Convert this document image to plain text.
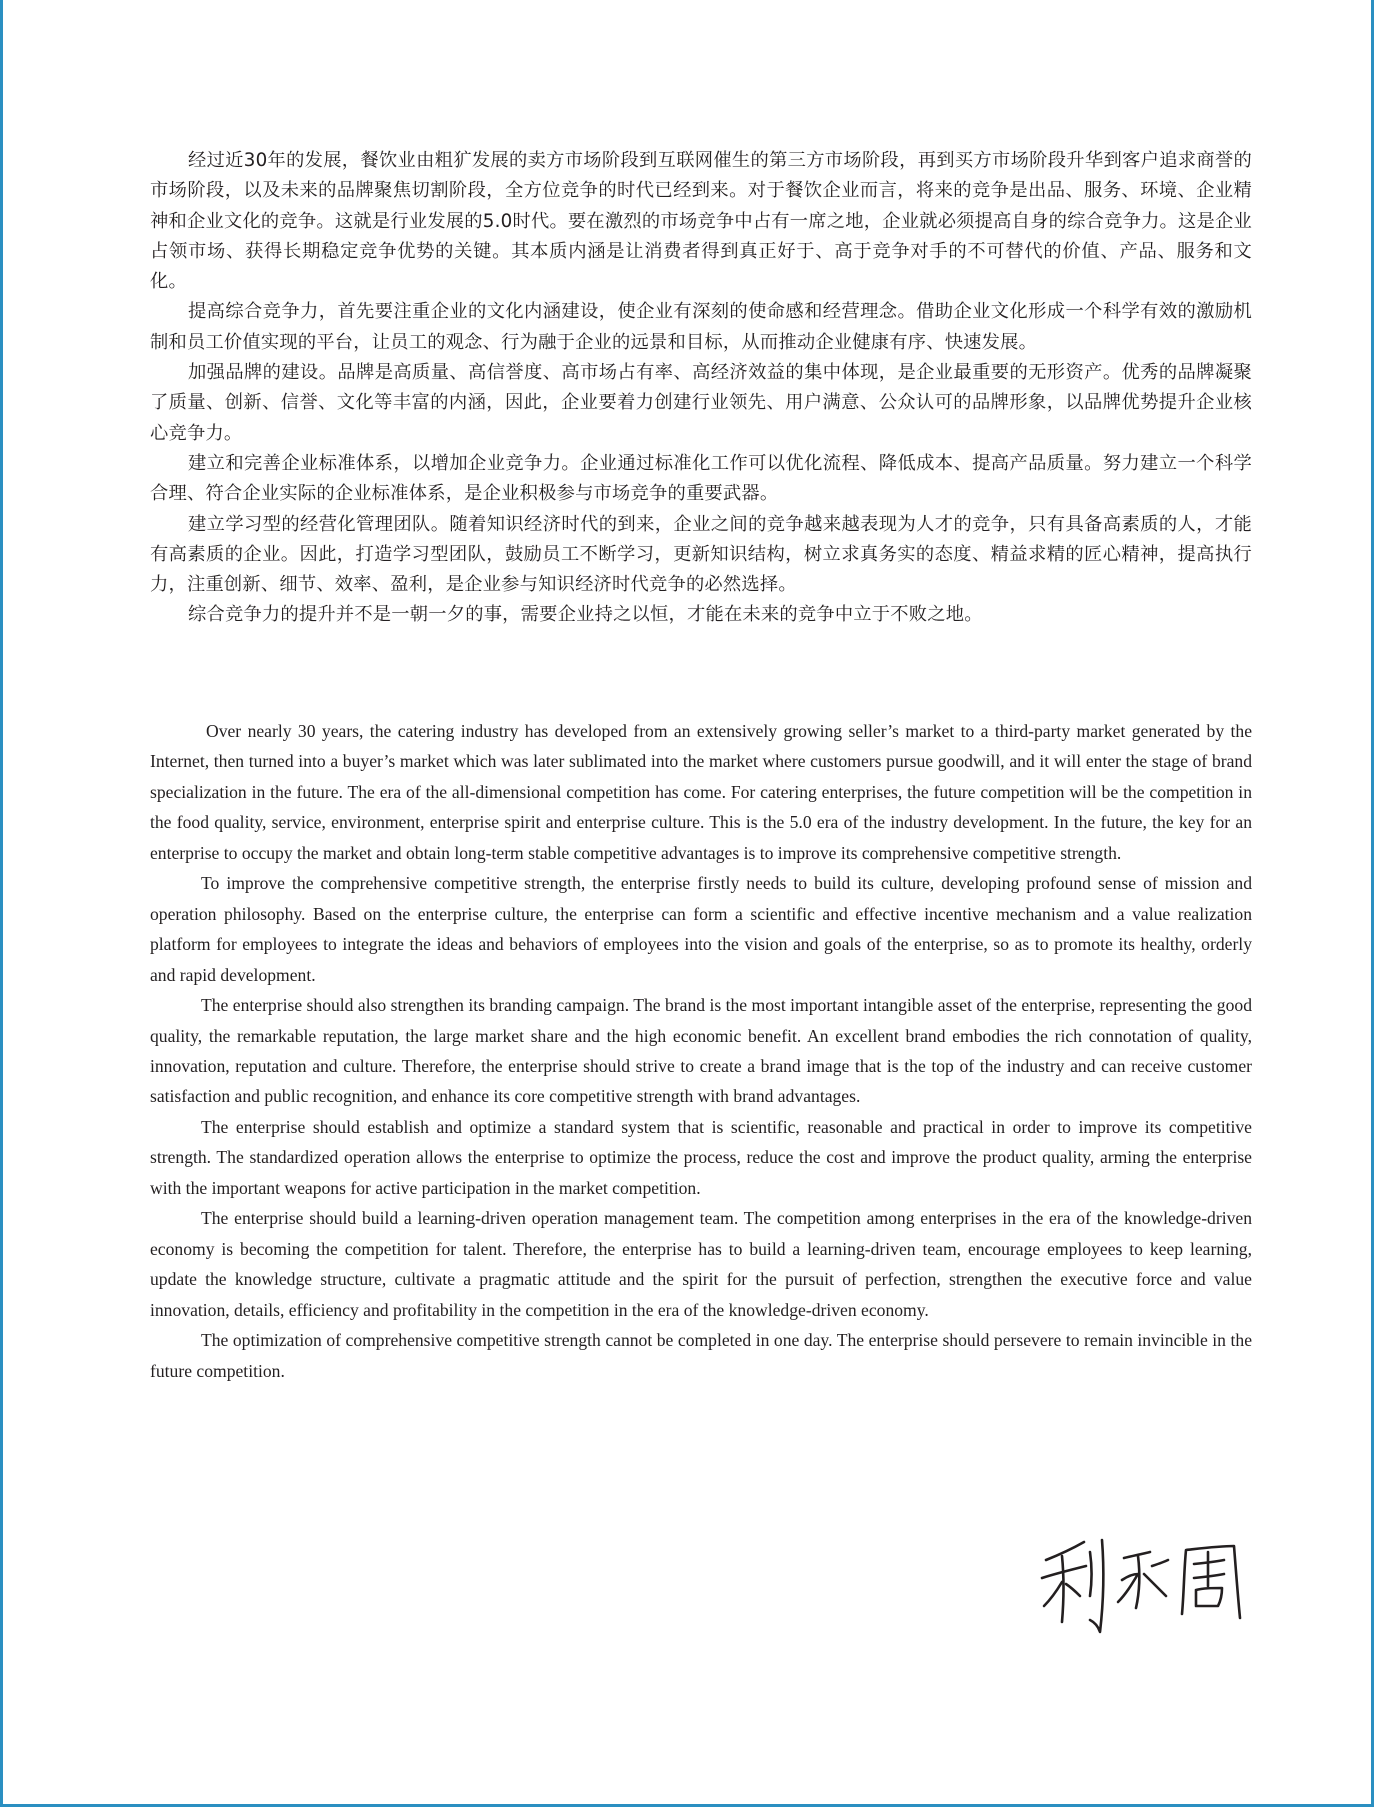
经过近30年的发展，餐饮业由粗犷发展的卖方市场阶段到互联网催生的第三方市场阶段，再到买方市场阶段升华到客户追求商誉的市场阶段，以及未来的品牌聚焦切割阶段，全方位竞争的时代已经到来。对于餐饮企业而言，将来的竞争是出品、服务、环境、企业精神和企业文化的竞争。这就是行业发展的5.0时代。要在激烈的市场竞争中占有一席之地，企业就必须提高自身的综合竞争力。这是企业占领市场、获得长期稳定竞争优势的关键。其本质内涵是让消费者得到真正好于、高于竞争对手的不可替代的价值、产品、服务和文化。

提高综合竞争力，首先要注重企业的文化内涵建设，使企业有深刻的使命感和经营理念。借助企业文化形成一个科学有效的激励机制和员工价值实现的平台，让员工的观念、行为融于企业的远景和目标，从而推动企业健康有序、快速发展。

加强品牌的建设。品牌是高质量、高信誉度、高市场占有率、高经济效益的集中体现，是企业最重要的无形资产。优秀的品牌凝聚了质量、创新、信誉、文化等丰富的内涵，因此，企业要着力创建行业领先、用户满意、公众认可的品牌形象，以品牌优势提升企业核心竞争力。

建立和完善企业标准体系，以增加企业竞争力。企业通过标准化工作可以优化流程、降低成本、提高产品质量。努力建立一个科学合理、符合企业实际的企业标准体系，是企业积极参与市场竞争的重要武器。

建立学习型的经营化管理团队。随着知识经济时代的到来，企业之间的竞争越来越表现为人才的竞争，只有具备高素质的人，才能有高素质的企业。因此，打造学习型团队，鼓励员工不断学习，更新知识结构，树立求真务实的态度、精益求精的匠心精神，提高执行力，注重创新、细节、效率、盈利，是企业参与知识经济时代竞争的必然选择。

综合竞争力的提升并不是一朝一夕的事，需要企业持之以恒，才能在未来的竞争中立于不败之地。

Over nearly 30 years, the catering industry has developed from an extensively growing seller’s market to a third-party market generated by the Internet, then turned into a buyer’s market which was later sublimated into the market where customers pursue goodwill, and it will enter the stage of brand specialization in the future. The era of the all-dimensional competition has come. For catering enterprises, the future competition will be the competition in the food quality, service, environment, enterprise spirit and enterprise culture. This is the 5.0 era of the industry development. In the future, the key for an enterprise to occupy the market and obtain long-term stable competitive advantages is to improve its comprehensive competitive strength.

To improve the comprehensive competitive strength, the enterprise firstly needs to build its culture, developing profound sense of mission and operation philosophy. Based on the enterprise culture, the enterprise can form a scientific and effective incentive mechanism and a value realization platform for employees to integrate the ideas and behaviors of employees into the vision and goals of the enterprise, so as to promote its healthy, orderly and rapid development.

The enterprise should also strengthen its branding campaign. The brand is the most important intangible asset of the enterprise, representing the good quality, the remarkable reputation, the large market share and the high economic benefit. An excellent brand embodies the rich connotation of quality, innovation, reputation and culture. Therefore, the enterprise should strive to create a brand image that is the top of the industry and can receive customer satisfaction and public recognition, and enhance its core competitive strength with brand advantages.

The enterprise should establish and optimize a standard system that is scientific, reasonable and practical in order to improve its competitive strength. The standardized operation allows the enterprise to optimize the process, reduce the cost and improve the product quality, arming the enterprise with the important weapons for active participation in the market competition.

The enterprise should build a learning-driven operation management team. The competition among enterprises in the era of the knowledge-driven economy is becoming the competition for talent. Therefore, the enterprise has to build a learning-driven team, encourage employees to keep learning, update the knowledge structure, cultivate a pragmatic attitude and the spirit for the pursuit of perfection, strengthen the executive force and value innovation, details, efficiency and profitability in the competition in the era of the knowledge-driven economy.

The optimization of comprehensive competitive strength cannot be completed in one day. The enterprise should persevere to remain invincible in the future competition.
